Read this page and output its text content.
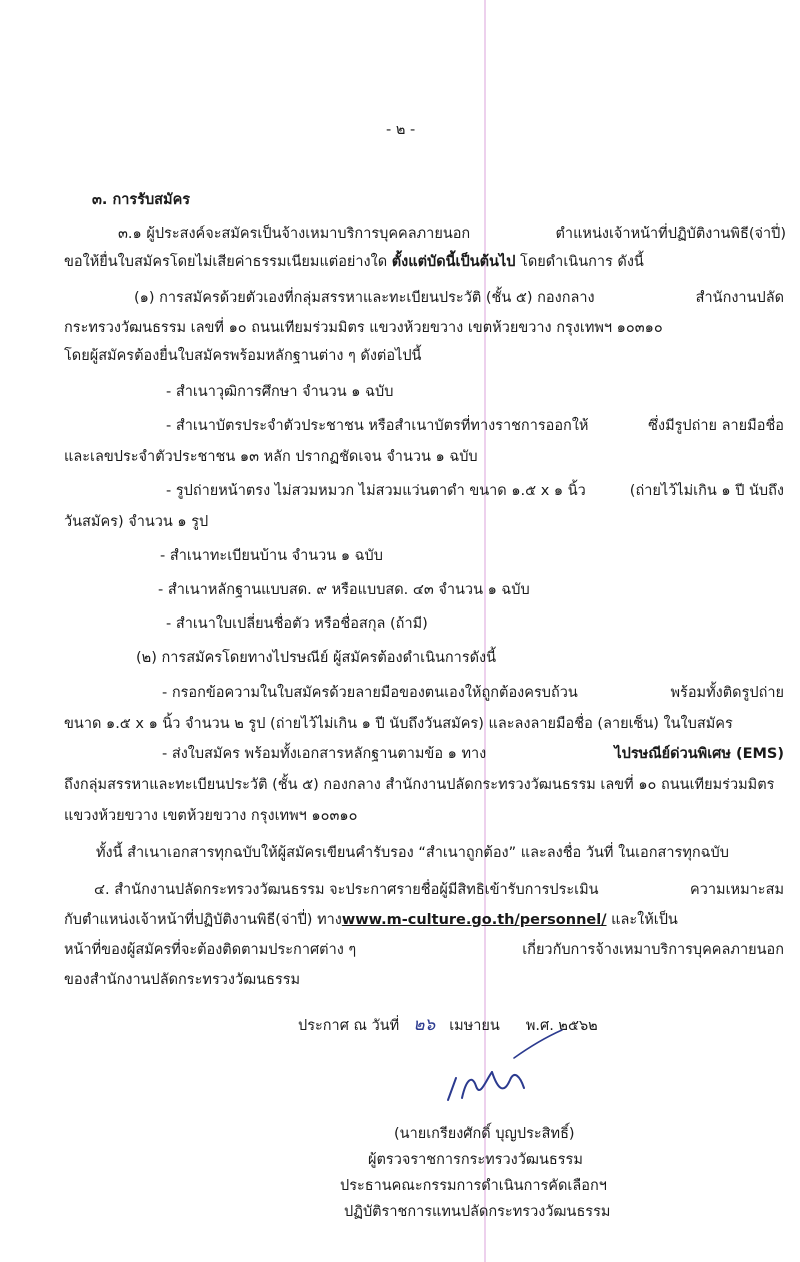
- ๒ -
๓. การรับสมัคร
๓.๑ ผู้ประสงค์จะสมัครเป็นจ้างเหมาบริการบุคคลภายนอก	ตำแหน่งเจ้าหน้าที่ปฏิบัติงานพิธี(จ่าปี่)
ขอให้ยื่นใบสมัครโดยไม่เสียค่าธรรมเนียมแต่อย่างใด ตั้งแต่บัดนี้เป็นต้นไป โดยดำเนินการ ดังนี้
(๑) การสมัครด้วยตัวเองที่กลุ่มสรรหาและทะเบียนประวัติ (ชั้น ๕) กองกลาง	สำนักงานปลัด
กระทรวงวัฒนธรรม เลขที่ ๑๐ ถนนเทียมร่วมมิตร แขวงห้วยขวาง เขตห้วยขวาง กรุงเทพฯ ๑๐๓๑๐
โดยผู้สมัครต้องยื่นใบสมัครพร้อมหลักฐานต่าง ๆ ดังต่อไปนี้
- สำเนาวุฒิการศึกษา จำนวน ๑ ฉบับ
- สำเนาบัตรประจำตัวประชาชน หรือสำเนาบัตรที่ทางราชการออกให้	ซึ่งมีรูปถ่าย ลายมือชื่อ
และเลขประจำตัวประชาชน ๑๓ หลัก ปรากฏชัดเจน จำนวน ๑ ฉบับ
- รูปถ่ายหน้าตรง ไม่สวมหมวก ไม่สวมแว่นตาดำ ขนาด ๑.๕ x ๑ นิ้ว	(ถ่ายไว้ไม่เกิน ๑ ปี นับถึง
วันสมัคร) จำนวน ๑ รูป
- สำเนาทะเบียนบ้าน จำนวน ๑ ฉบับ
- สำเนาหลักฐานแบบสด. ๙ หรือแบบสด. ๔๓ จำนวน ๑ ฉบับ
- สำเนาใบเปลี่ยนชื่อตัว หรือชื่อสกุล (ถ้ามี)
(๒) การสมัครโดยทางไปรษณีย์ ผู้สมัครต้องดำเนินการดังนี้
- กรอกข้อความในใบสมัครด้วยลายมือของตนเองให้ถูกต้องครบถ้วน	พร้อมทั้งติดรูปถ่าย
ขนาด ๑.๕ x ๑ นิ้ว จำนวน ๒ รูป (ถ่ายไว้ไม่เกิน ๑ ปี นับถึงวันสมัคร) และลงลายมือชื่อ (ลายเซ็น) ในใบสมัคร
- ส่งใบสมัคร พร้อมทั้งเอกสารหลักฐานตามข้อ ๑ ทาง	ไปรษณีย์ด่วนพิเศษ (EMS)
ถึงกลุ่มสรรหาและทะเบียนประวัติ (ชั้น ๕) กองกลาง สำนักงานปลัดกระทรวงวัฒนธรรม เลขที่ ๑๐ ถนนเทียมร่วมมิตร
แขวงห้วยขวาง เขตห้วยขวาง กรุงเทพฯ ๑๐๓๑๐
ทั้งนี้ สำเนาเอกสารทุกฉบับให้ผู้สมัครเขียนคำรับรอง “สำเนาถูกต้อง” และลงชื่อ วันที่ ในเอกสารทุกฉบับ
๔. สำนักงานปลัดกระทรวงวัฒนธรรม จะประกาศรายชื่อผู้มีสิทธิเข้ารับการประเมิน	ความเหมาะสม
กับตำแหน่งเจ้าหน้าที่ปฏิบัติงานพิธี(จ่าปี่) ทางwww.m-culture.go.th/personnel/ และให้เป็น
หน้าที่ของผู้สมัครที่จะต้องติดตามประกาศต่าง ๆ	เกี่ยวกับการจ้างเหมาบริการบุคคลภายนอก
ของสำนักงานปลัดกระทรวงวัฒนธรรม
ประกาศ ณ วันที่ ๒๖ เมษายน พ.ศ. ๒๕๖๒
(นายเกรียงศักดิ์ บุญประสิทธิ์)
ผู้ตรวจราชการกระทรวงวัฒนธรรม
ประธานคณะกรรมการดำเนินการคัดเลือกฯ
ปฏิบัติราชการแทนปลัดกระทรวงวัฒนธรรม
